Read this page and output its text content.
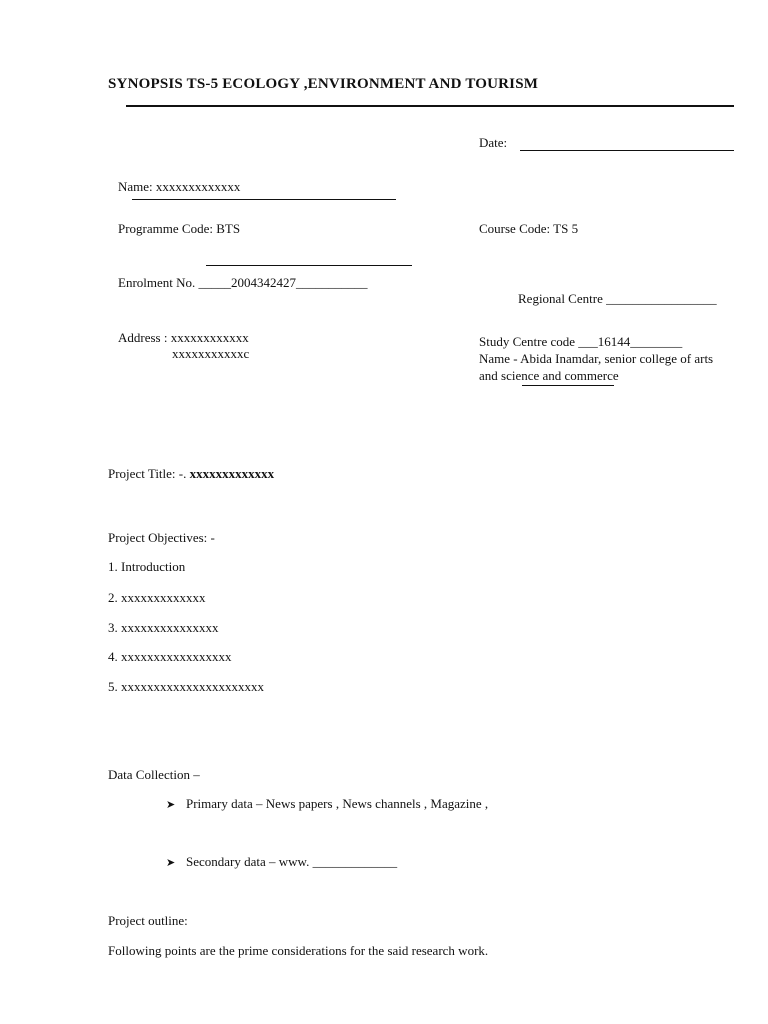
SYNOPSIS TS-5 ECOLOGY ,ENVIRONMENT AND TOURISM
Date:
Name: xxxxxxxxxxxxx
Programme Code: BTS	Course Code: TS 5
Enrolment No. _____2004342427___________
Regional Centre _________________
Address : xxxxxxxxxxxx
xxxxxxxxxxxc
Study Centre code ___16144________
Name - Abida Inamdar, senior college of arts
and science and commerce
Project Title: -. xxxxxxxxxxxxx
Project Objectives: -
1. Introduction
2. xxxxxxxxxxxxx
3. xxxxxxxxxxxxxxx
4. xxxxxxxxxxxxxxxxx
5. xxxxxxxxxxxxxxxxxxxxxx
Data Collection –
➤ Primary data – News papers , News channels , Magazine ,
➤ Secondary data – www. _____________
Project outline:
Following points are the prime considerations for the said research work.
